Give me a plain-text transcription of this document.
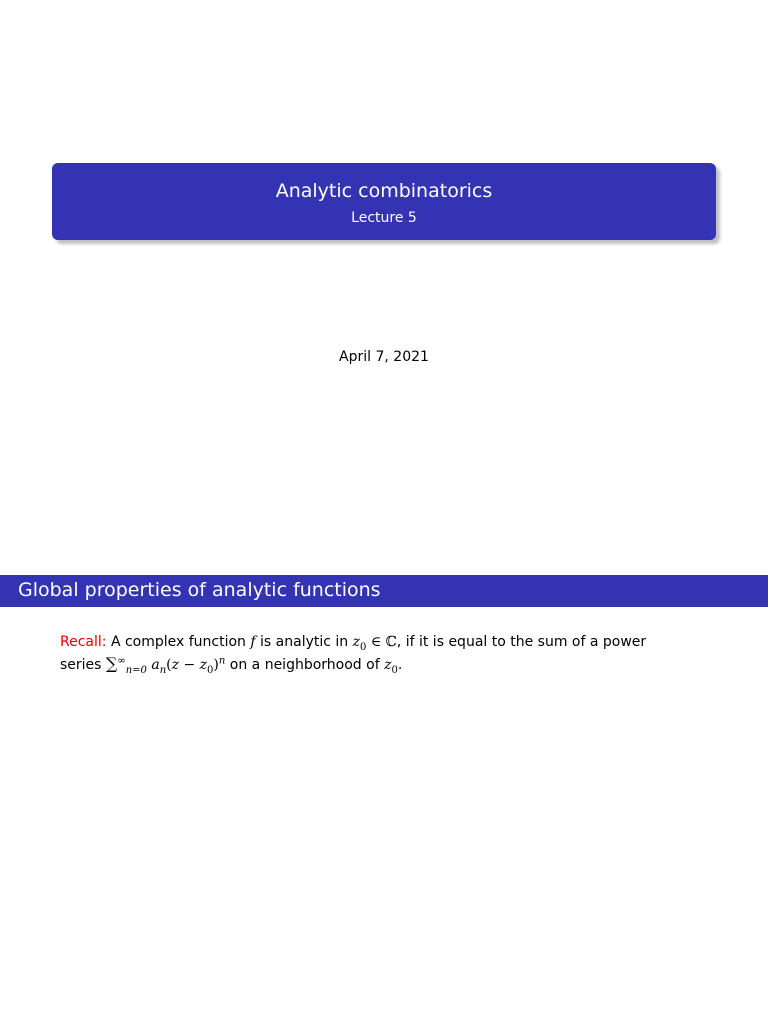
Analytic combinatorics
Lecture 5
April 7, 2021
Global properties of analytic functions
Recall: A complex function f is analytic in $z_0$ ∈ ℂ, if it is equal to the sum of a power
series $\sum^\infty_{n=0}$ $a_n(z - z_0)^n$ on a neighborhood of $z_0$.
